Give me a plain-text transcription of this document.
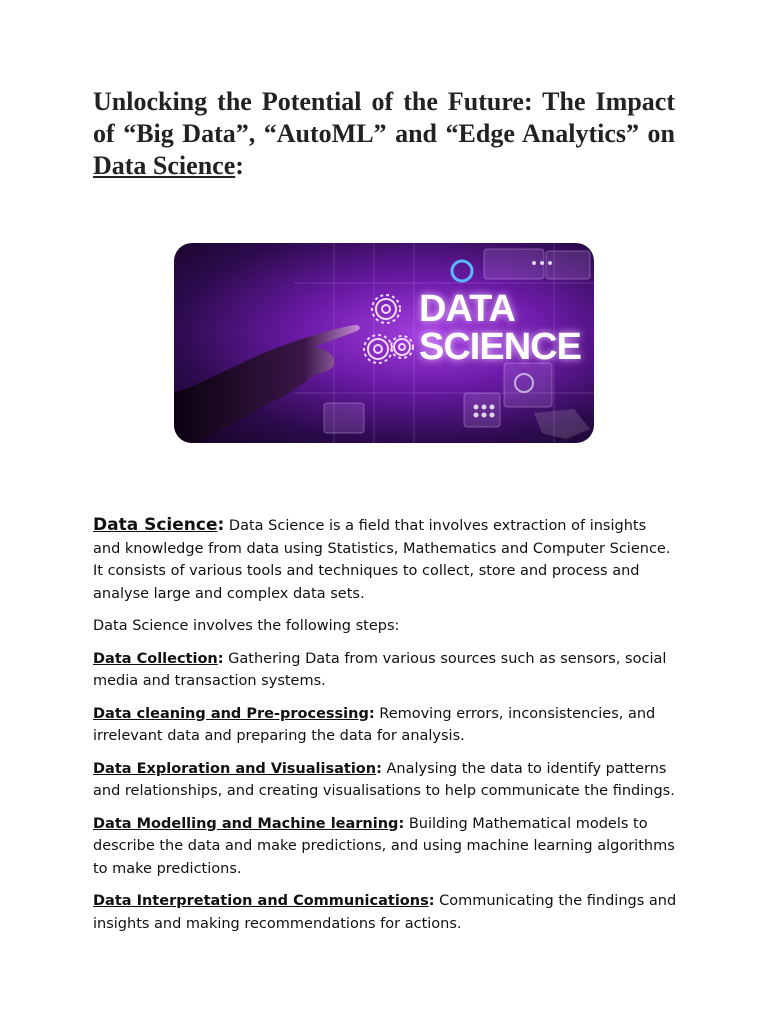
Unlocking the Potential of the Future: The Impact of “Big Data”, “AutoML” and “Edge Analytics” on Data Science:
DATA
SCIENCE

Data Science: Data Science is a field that involves extraction of insights and knowledge from data using Statistics, Mathematics and Computer Science. It consists of various tools and techniques to collect, store and process and analyse large and complex data sets.

Data Science involves the following steps:

Data Collection: Gathering Data from various sources such as sensors, social media and transaction systems.

Data cleaning and Pre-processing: Removing errors, inconsistencies, and irrelevant data and preparing the data for analysis.

Data Exploration and Visualisation: Analysing the data to identify patterns and relationships, and creating visualisations to help communicate the findings.

Data Modelling and Machine learning: Building Mathematical models to describe the data and make predictions, and using machine learning algorithms to make predictions.

Data Interpretation and Communications: Communicating the findings and insights and making recommendations for actions.
